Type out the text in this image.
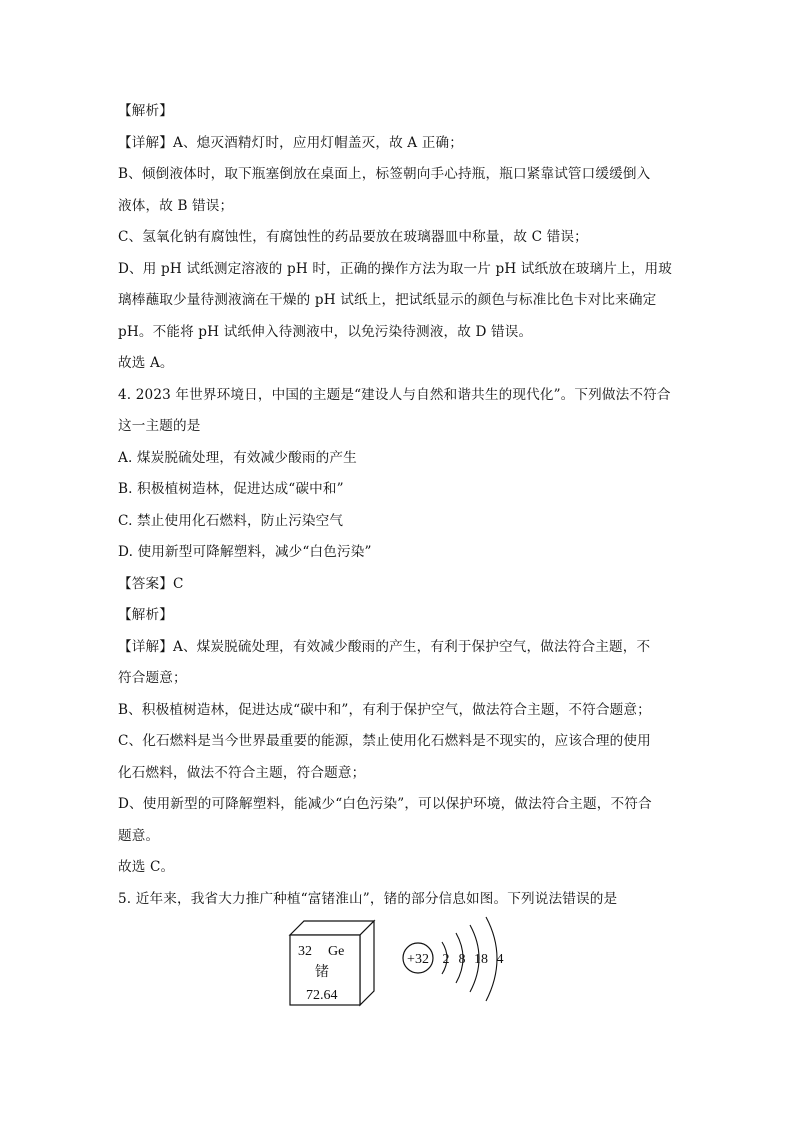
【解析】
【详解】A、熄灭酒精灯时，应用灯帽盖灭，故 A 正确；
B、倾倒液体时，取下瓶塞倒放在桌面上，标签朝向手心持瓶，瓶口紧靠试管口缓缓倒入
液体，故 B 错误；
C、氢氧化钠有腐蚀性，有腐蚀性的药品要放在玻璃器皿中称量，故 C 错误；
D、用 pH 试纸测定溶液的 pH 时，正确的操作方法为取一片 pH 试纸放在玻璃片上，用玻
璃棒蘸取少量待测液滴在干燥的 pH 试纸上，把试纸显示的颜色与标准比色卡对比来确定
pH。不能将 pH 试纸伸入待测液中，以免污染待测液，故 D 错误。
故选 A。
4. 2023 年世界环境日，中国的主题是“建设人与自然和谐共生的现代化”。下列做法不符合
这一主题的是
A. 煤炭脱硫处理，有效减少酸雨的产生
B. 积极植树造林，促进达成“碳中和”
C. 禁止使用化石燃料，防止污染空气
D. 使用新型可降解塑料，减少“白色污染”
【答案】C
【解析】
【详解】A、煤炭脱硫处理，有效减少酸雨的产生，有利于保护空气，做法符合主题，不
符合题意；
B、积极植树造林，促进达成“碳中和”，有利于保护空气，做法符合主题，不符合题意；
C、化石燃料是当今世界最重要的能源，禁止使用化石燃料是不现实的，应该合理的使用
化石燃料，做法不符合主题，符合题意；
D、使用新型的可降解塑料，能减少“白色污染”，可以保护环境，做法符合主题，不符合
题意。
故选 C。
5. 近年来，我省大力推广种植“富锗淮山”，锗的部分信息如图。下列说法错误的是
32 Ge
锗
72.64
+32 2 8 18 4
